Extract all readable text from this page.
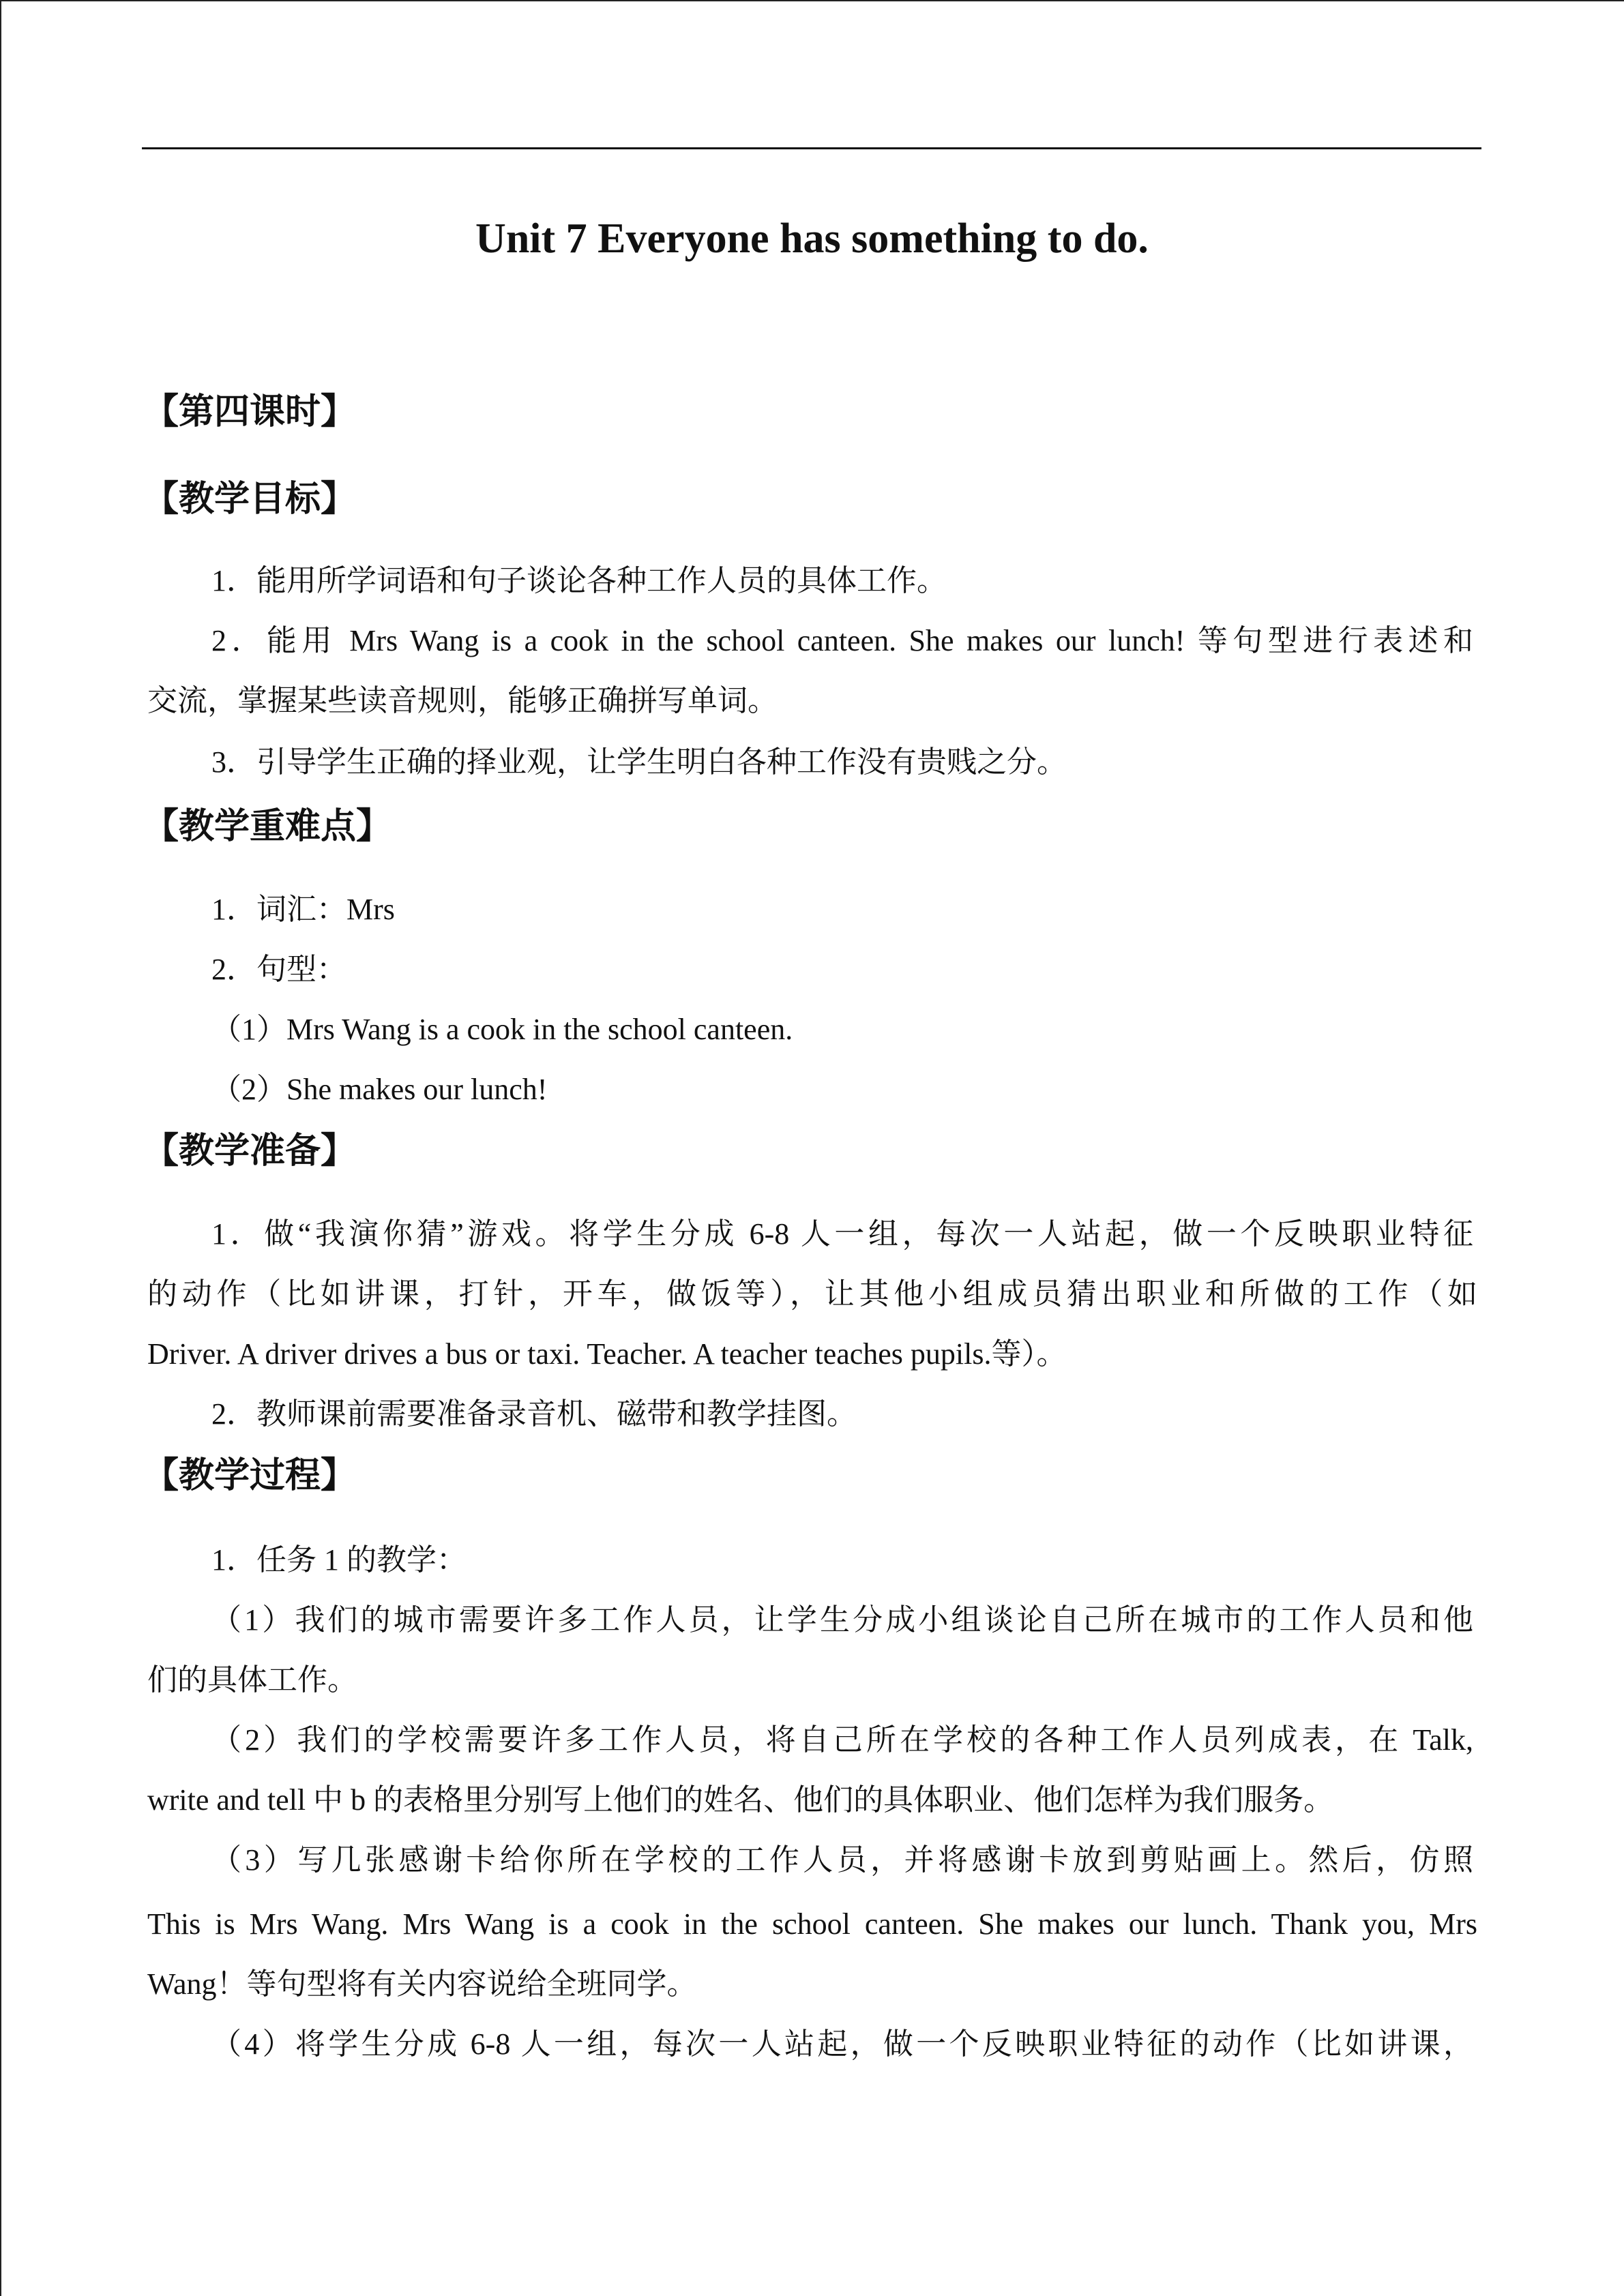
Unit 7 Everyone has something to do.
【第四课时】
【教学目标】
1．能用所学词语和句子谈论各种工作人员的具体工作。
2．能用 Mrs Wang is a cook in the school canteen. She makes our lunch! 等句型进行表述和
交流，掌握某些读音规则，能够正确拼写单词。
3．引导学生正确的择业观，让学生明白各种工作没有贵贱之分。
【教学重难点】
1．词汇：Mrs
2．句型：
（1）Mrs Wang is a cook in the school canteen.
（2）She makes our lunch!
【教学准备】
1．做“我演你猜”游戏。将学生分成 6-8 人一组，每次一人站起，做一个反映职业特征
的动作（比如讲课，打针，开车，做饭等），让其他小组成员猜出职业和所做的工作（如
Driver. A driver drives a bus or taxi. Teacher. A teacher teaches pupils.等）。
2．教师课前需要准备录音机、磁带和教学挂图。
【教学过程】
1．任务 1 的教学：
（1）我们的城市需要许多工作人员，让学生分成小组谈论自己所在城市的工作人员和他
们的具体工作。
（2）我们的学校需要许多工作人员，将自己所在学校的各种工作人员列成表，在 Talk,
write and tell 中 b 的表格里分别写上他们的姓名、他们的具体职业、他们怎样为我们服务。
（3）写几张感谢卡给你所在学校的工作人员，并将感谢卡放到剪贴画上。然后，仿照
This is Mrs Wang. Mrs Wang is a cook in the school canteen. She makes our lunch. Thank you, Mrs
Wang！等句型将有关内容说给全班同学。
（4）将学生分成 6-8 人一组，每次一人站起，做一个反映职业特征的动作（比如讲课，
